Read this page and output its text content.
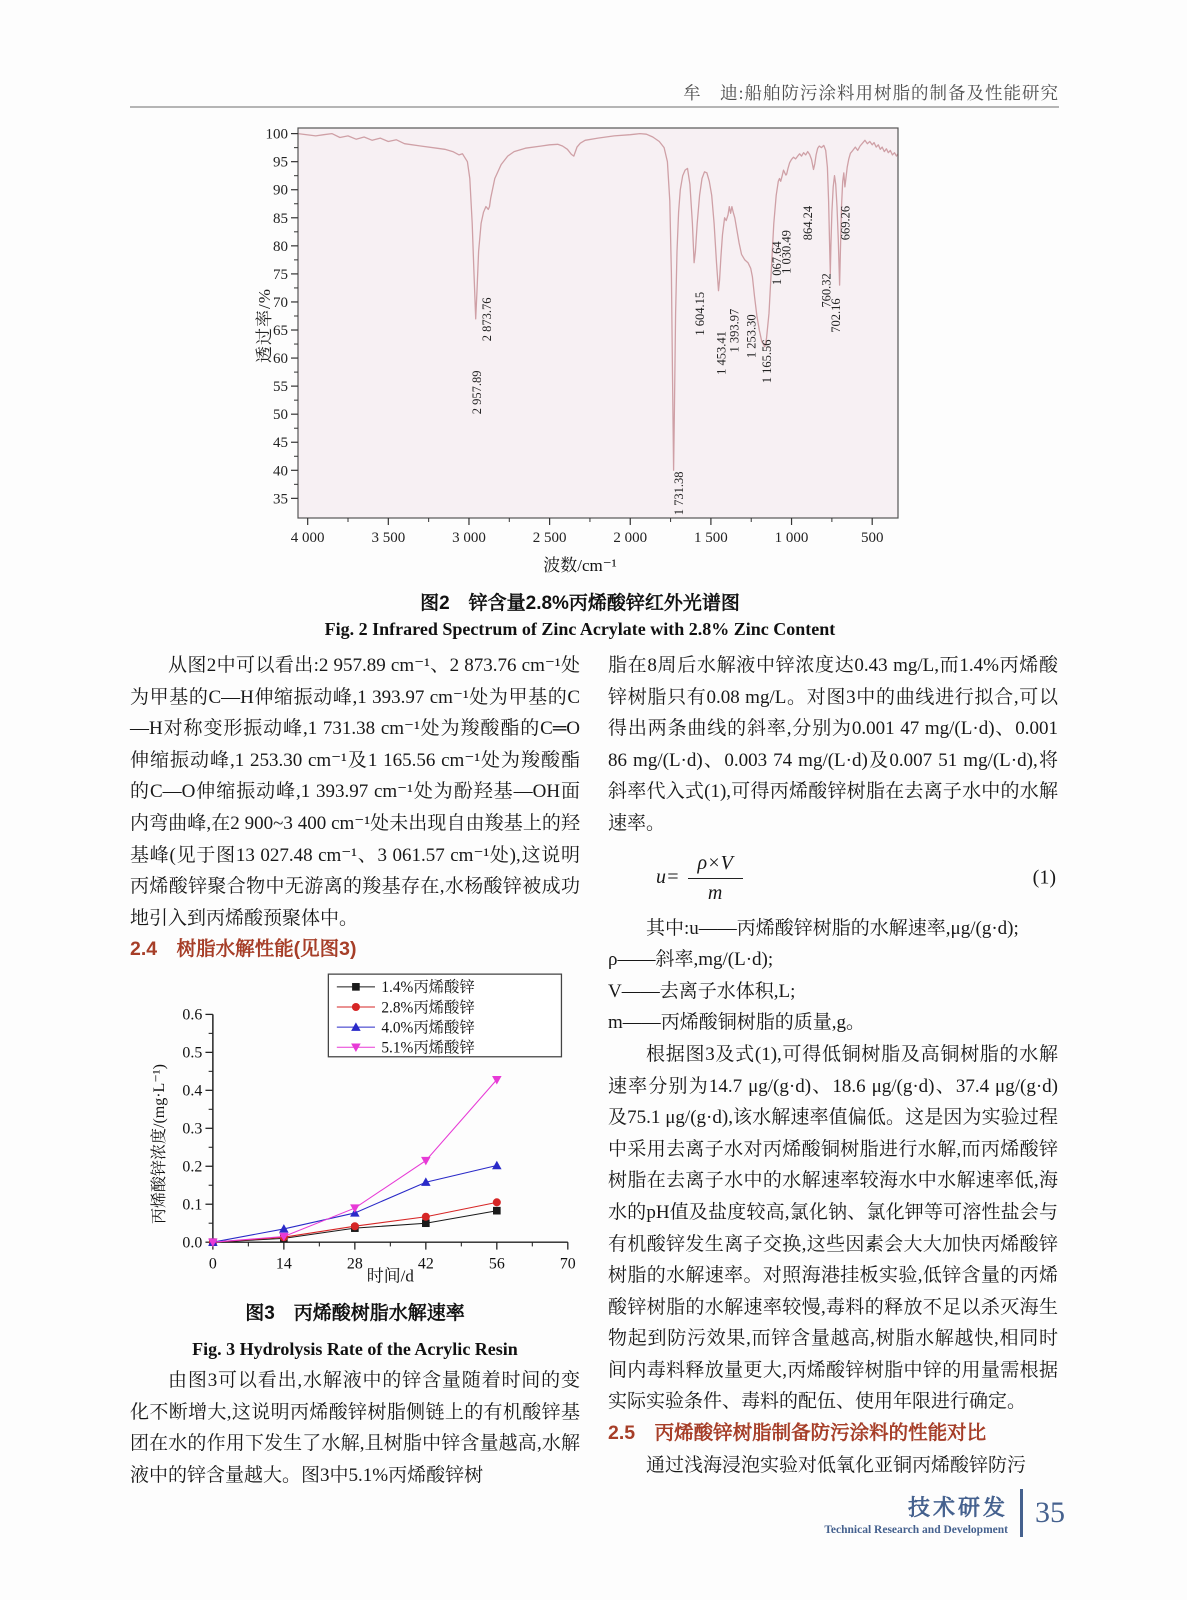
牟　迪:船舶防污涂料用树脂的制备及性能研究
透过率/%
4 000	3 500	3 000	2 500	2 000	1 500	1 000	500
100
95
90
85
80
75
70
65
60
55
50
45
40
35
2 957.89
2 873.76
1 731.38
1 604.15
1 453.41
1 393.97 1 253.30
1 165.56
1 067.64
1 030.49
864.24
760.32
702.16
669.26
波数/cm⁻¹
图2　锌含量2.8%丙烯酸锌红外光谱图
Fig. 2 Infrared Spectrum of Zinc Acrylate with 2.8% Zinc Content

从图2中可以看出:2 957.89 cm⁻¹、2 873.76 cm⁻¹处为甲基的C—H伸缩振动峰,1 393.97 cm⁻¹处为甲基的C—H对称变形振动峰,1 731.38 cm⁻¹处为羧酸酯的C═O伸缩振动峰,1 253.30 cm⁻¹及1 165.56 cm⁻¹处为羧酸酯的C—O伸缩振动峰,1 393.97 cm⁻¹处为酚羟基—OH面内弯曲峰,在2 900~3 400 cm⁻¹处未出现自由羧基上的羟基峰(见于图13 027.48 cm⁻¹、3 061.57 cm⁻¹处),这说明丙烯酸锌聚合物中无游离的羧基存在,水杨酸锌被成功地引入到丙烯酸预聚体中。

2.4　树脂水解性能(见图3)

丙烯酸锌浓度/(mg·L⁻¹)
0	14	28	42	56	70
0.0
0.1
0.2
0.3
0.4
0.5
0.6
时间/d
1.4%丙烯酸锌
2.8%丙烯酸锌
4.0%丙烯酸锌
5.1%丙烯酸锌
图3　丙烯酸树脂水解速率
Fig. 3 Hydrolysis Rate of the Acrylic Resin

由图3可以看出,水解液中的锌含量随着时间的变化不断增大,这说明丙烯酸锌树脂侧链上的有机酸锌基团在水的作用下发生了水解,且树脂中锌含量越高,水解液中的锌含量越大。图3中5.1%丙烯酸锌树

脂在8周后水解液中锌浓度达0.43 mg/L,而1.4%丙烯酸锌树脂只有0.08 mg/L。对图3中的曲线进行拟合,可以得出两条曲线的斜率,分别为0.001 47 mg/(L·d)、0.001 86 mg/(L·d)、0.003 74 mg/(L·d)及0.007 51 mg/(L·d),将斜率代入式(1),可得丙烯酸锌树脂在去离子水中的水解速率。

$u= \frac{\rho\times V}{m}$	(1)

其中:u——丙烯酸锌树脂的水解速率,μg/(g·d);

ρ——斜率,mg/(L·d);

V——去离子水体积,L;

m——丙烯酸铜树脂的质量,g。

根据图3及式(1),可得低铜树脂及高铜树脂的水解速率分别为14.7 μg/(g·d)、18.6 μg/(g·d)、37.4 μg/(g·d)及75.1 μg/(g·d),该水解速率值偏低。这是因为实验过程中采用去离子水对丙烯酸铜树脂进行水解,而丙烯酸锌树脂在去离子水中的水解速率较海水中水解速率低,海水的pH值及盐度较高,氯化钠、氯化钾等可溶性盐会与有机酸锌发生离子交换,这些因素会大大加快丙烯酸锌树脂的水解速率。对照海港挂板实验,低锌含量的丙烯酸锌树脂的水解速率较慢,毒料的释放不足以杀灭海生物起到防污效果,而锌含量越高,树脂水解越快,相同时间内毒料释放量更大,丙烯酸锌树脂中锌的用量需根据实际实验条件、毒料的配伍、使用年限进行确定。

2.5　丙烯酸锌树脂制备防污涂料的性能对比

通过浅海浸泡实验对低氧化亚铜丙烯酸锌防污

技术研发
Technical Research and Development
35
